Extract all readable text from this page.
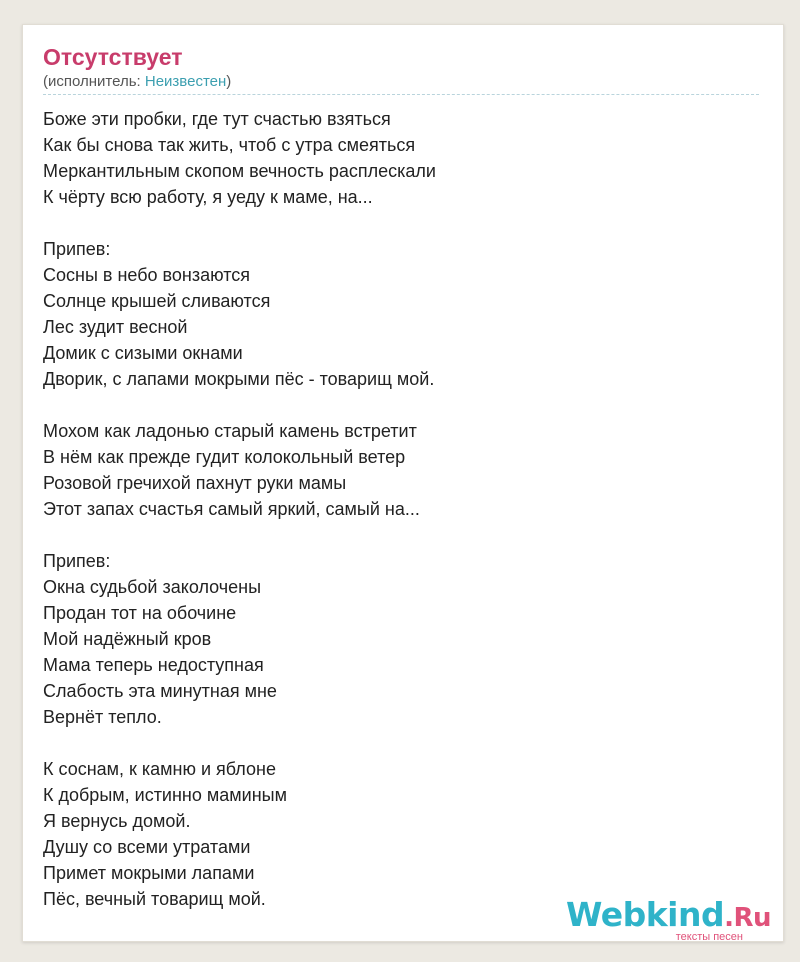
Отсутствует
(исполнитель: Неизвестен)
Боже эти пробки, где тут счастью взяться
Как бы снова так жить, чтоб с утра смеяться
Меркантильным скопом вечность расплескали
К чёрту всю работу, я уеду к маме, на...
Припев:
Сосны в небо вонзаются
Солнце крышей сливаются
Лес зудит весной
Домик с сизыми окнами
Дворик, с лапами мокрыми пёс - товарищ мой.
Мохом как ладонью старый камень встретит
В нём как прежде гудит колокольный ветер
Розовой гречихой пахнут руки мамы
Этот запах счастья самый яркий, самый на...
Припев:
Окна судьбой заколочены
Продан тот на обочине
Мой надёжный кров
Мама теперь недоступная
Слабость эта минутная мне
Вернёт тепло.
К соснам, к камню и яблоне
К добрым, истинно маминым
Я вернусь домой.
Душу со всеми утратами
Примет мокрыми лапами
Пёс, вечный товарищ мой.	Webkind.Ru
тексты песен
